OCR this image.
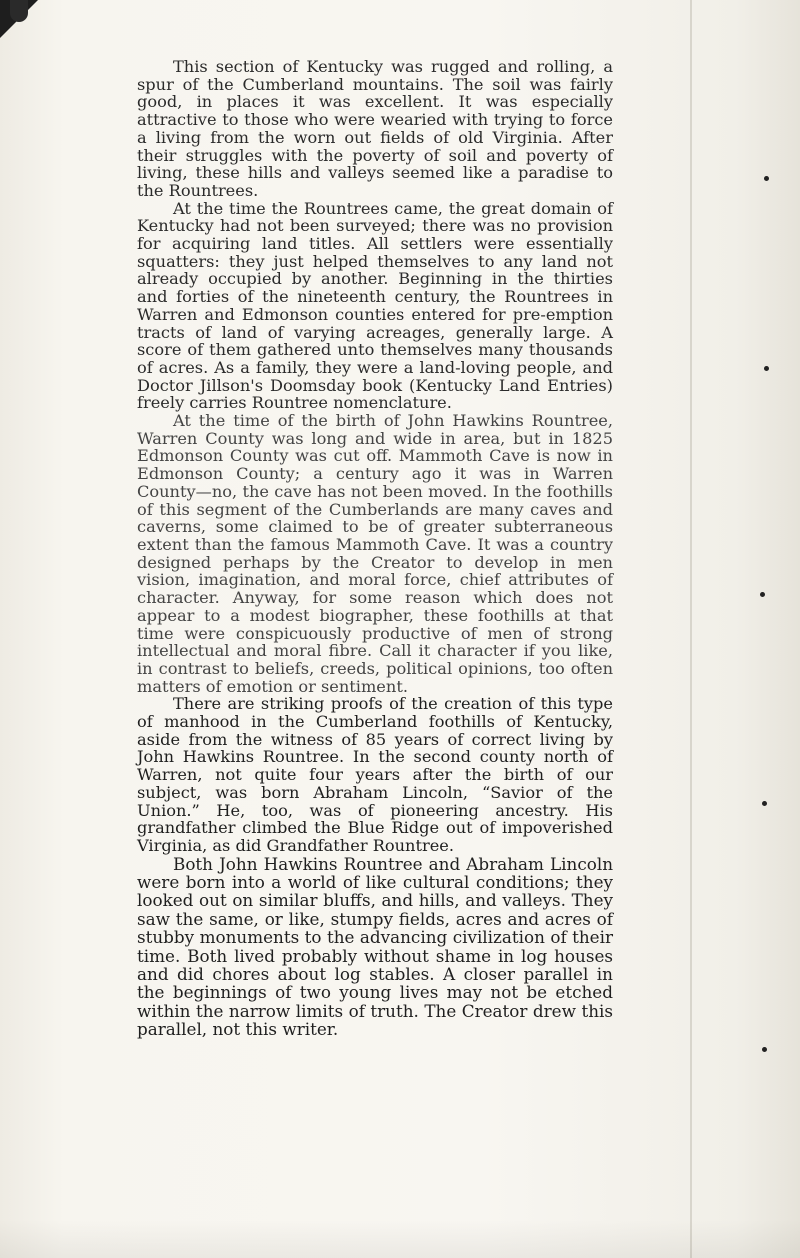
This section of Kentucky was rugged and rolling, a spur of the Cumberland mountains. The soil was fairly good, in places it was excellent. It was especially attractive to those who were wearied with trying to force a living from the worn out fields of old Virginia. After their struggles with the poverty of soil and poverty of living, these hills and valleys seemed like a paradise to the Rountrees.

At the time the Rountrees came, the great domain of Kentucky had not been surveyed; there was no provision for acquiring land titles. All settlers were essentially squatters: they just helped themselves to any land not already occupied by another. Beginning in the thirties and forties of the nineteenth century, the Rountrees in Warren and Edmonson counties entered for pre-emption tracts of land of varying acreages, generally large. A score of them gathered unto themselves many thousands of acres. As a family, they were a land-loving people, and Doctor Jillson's Doomsday book (Kentucky Land Entries) freely carries Rountree nomenclature.

At the time of the birth of John Hawkins Rountree, Warren County was long and wide in area, but in 1825 Edmonson County was cut off. Mammoth Cave is now in Edmonson County; a century ago it was in Warren County—no, the cave has not been moved. In the foothills of this segment of the Cumberlands are many caves and caverns, some claimed to be of greater subterraneous extent than the famous Mammoth Cave. It was a country designed perhaps by the Creator to develop in men vision, imagination, and moral force, chief attributes of character. Anyway, for some reason which does not appear to a modest biographer, these foothills at that time were conspicuously productive of men of strong intellectual and moral fibre. Call it character if you like, in contrast to beliefs, creeds, political opinions, too often matters of emotion or sentiment.

There are striking proofs of the creation of this type of manhood in the Cumberland foothills of Kentucky, aside from the witness of 85 years of correct living by John Hawkins Rountree. In the second county north of Warren, not quite four years after the birth of our subject, was born Abraham Lincoln, “Savior of the Union.” He, too, was of pioneering ancestry. His grandfather climbed the Blue Ridge out of impoverished Virginia, as did Grandfather Rountree.

Both John Hawkins Rountree and Abraham Lincoln were born into a world of like cultural conditions; they looked out on similar bluffs, and hills, and valleys. They saw the same, or like, stumpy fields, acres and acres of stubby monuments to the advancing civilization of their time. Both lived probably without shame in log houses and did chores about log stables. A closer parallel in the beginnings of two young lives may not be etched within the narrow limits of truth. The Creator drew this parallel, not this writer.
